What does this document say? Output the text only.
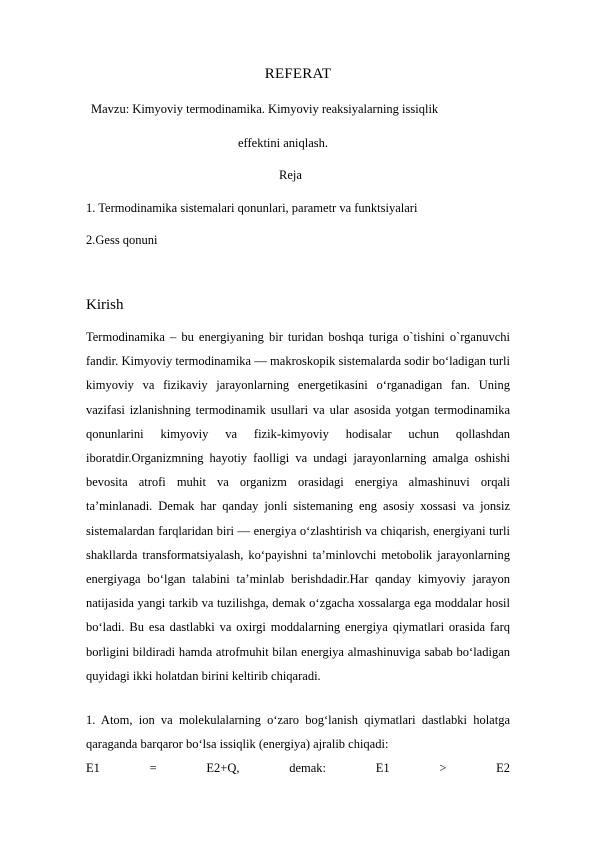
REFERAT
Mavzu: Kimyoviy termodinamika. Kimyoviy reaksiyalarning issiqlik
effektini aniqlash.
Reja
1. Termodinamika sistemalari qonunlari, parametr va funktsiyalari
2.Gess qonuni
Kirish

Termodinamika – bu energiyaning bir turidan boshqa turiga o`tishini o`rganuvchi fandir. Kimyoviy termodinamika — makroskopik sistemalarda sodir bo‘ladigan turli kimyoviy va fizikaviy jarayonlarning energetikasini o‘rganadigan fan. Uning vazifasi izlanishning termodinamik usullari va ular asosida yotgan termodinamika qonunlarini kimyoviy va fizik-kimyoviy hodisalar uchun qollashdan iboratdir.Organizmning hayotiy faolligi va undagi jarayonlarning amalga oshishi bevosita atrofi muhit va organizm orasidagi energiya almashinuvi orqali ta’minlanadi. Demak har qanday jonli sistemaning eng asosiy xossasi va jonsiz sistemalardan farqlaridan biri — energiya o‘zlashtirish va chiqarish, energiyani turli shakllarda transformatsiyalash, ko‘payishni ta’minlovchi metobolik jarayonlarning energiyaga bo‘lgan talabini ta’minlab berishdadir.Har qanday kimyoviy jarayon natijasida yangi tarkib va tuzilishga, demak o‘zgacha xossalarga ega moddalar hosil bo‘ladi. Bu esa dastlabki va oxirgi moddalarning energiya qiymatlari orasida farq borligini bildiradi hamda atrofmuhit bilan energiya almashinuviga sabab bo‘ladigan quyidagi ikki holatdan birini keltirib chiqaradi.

1. Atom, ion va molekulalarning o‘zaro bog‘lanish qiymatlari dastlabki holatga qaraganda barqaror bo‘lsa issiqlik (energiya) ajralib chiqadi:

E1	=	E2+Q,	demak:	E1	>	E2
